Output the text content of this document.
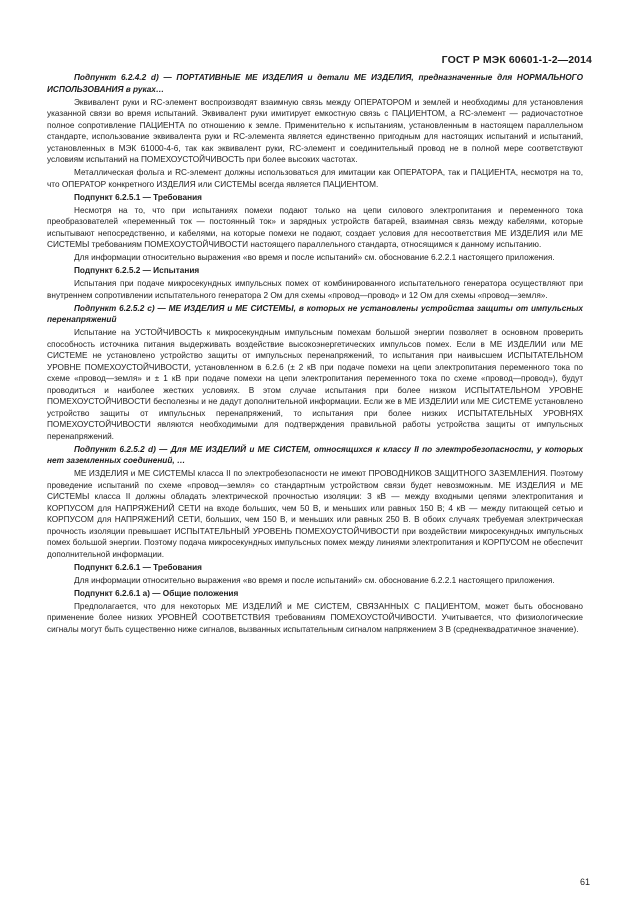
ГОСТ Р МЭК 60601-1-2—2014

Подпункт 6.2.4.2 d) — ПОРТАТИВНЫЕ МЕ ИЗДЕЛИЯ и детали МЕ ИЗДЕЛИЯ, предназначенные для НОРМАЛЬНОГО ИСПОЛЬЗОВАНИЯ в руках…

Эквивалент руки и RC-элемент воспроизводят взаимную связь между ОПЕРАТОРОМ и землей и необходимы для установления указанной связи во время испытаний. Эквивалент руки имитирует емкостную связь с ПАЦИЕНТОМ, а RC-элемент — радиочастотное полное сопротивление ПАЦИЕНТА по отношению к земле. Применительно к испытаниям, установленным в настоящем параллельном стандарте, использование эквивалента руки и RC-элемента является единственно пригодным для настоящих испытаний и испытаний, установленных в МЭК 61000-4-6, так как эквивалент руки, RC-элемент и соединительный провод не в полной мере соответствуют условиям испытаний на ПОМЕХОУСТОЙЧИВОСТЬ при более высоких частотах.

Металлическая фольга и RC-элемент должны использоваться для имитации как ОПЕРАТОРА, так и ПАЦИЕНТА, несмотря на то, что ОПЕРАТОР конкретного ИЗДЕЛИЯ или СИСТЕМЫ всегда является ПАЦИЕНТОМ.

Подпункт 6.2.5.1 — Требования

Несмотря на то, что при испытаниях помехи подают только на цепи силового электропитания и переменного тока преобразователей «переменный ток — постоянный ток» и зарядных устройств батарей, взаимная связь между кабелями, которые испытывают непосредственно, и кабелями, на которые помехи не подают, создает условия для несоответствия МЕ ИЗДЕЛИЯ или МЕ СИСТЕМЫ требованиям ПОМЕХОУСТОЙЧИВОСТИ настоящего параллельного стандарта, относящимся к данному испытанию.

Для информации относительно выражения «во время и после испытаний» см. обоснование 6.2.2.1 настоящего приложения.

Подпункт 6.2.5.2 — Испытания

Испытания при подаче микросекундных импульсных помех от комбинированного испытательного генератора осуществляют при внутреннем сопротивлении испытательного генератора 2 Ом для схемы «провод—провод» и 12 Ом для схемы «провод—земля».

Подпункт 6.2.5.2 c) — МЕ ИЗДЕЛИЯ и МЕ СИСТЕМЫ, в которых не установлены устройства защиты от импульсных перенапряжений

Испытание на УСТОЙЧИВОСТЬ к микросекундным импульсным помехам большой энергии позволяет в основном проверить способность источника питания выдерживать воздействие высокоэнергетических импульсов помех. Если в МЕ ИЗДЕЛИИ или МЕ СИСТЕМЕ не установлено устройство защиты от импульсных перенапряжений, то испытания при наивысшем ИСПЫТАТЕЛЬНОМ УРОВНЕ ПОМЕХОУСТОЙЧИВОСТИ, установленном в 6.2.6 (± 2 кВ при подаче помехи на цепи электропитания переменного тока по схеме «провод—земля» и ± 1 кВ при подаче помехи на цепи электропитания переменного тока по схеме «провод—провод»), будут проводиться и наиболее жестких условиях. В этом случае испытания при более низком ИСПЫТАТЕЛЬНОМ УРОВНЕ ПОМЕХОУСТОЙЧИВОСТИ бесполезны и не дадут дополнительной информации. Если же в МЕ ИЗДЕЛИИ или МЕ СИСТЕМЕ установлено устройство защиты от импульсных перенапряжений, то испытания при более низких ИСПЫТАТЕЛЬНЫХ УРОВНЯХ ПОМЕХОУСТОЙЧИВОСТИ являются необходимыми для подтверждения правильной работы устройства защиты от импульсных перенапряжений.

Подпункт 6.2.5.2 d) — Для МЕ ИЗДЕЛИЙ и МЕ СИСТЕМ, относящихся к классу II по электробезопасности, у которых нет заземленных соединений, …

МЕ ИЗДЕЛИЯ и МЕ СИСТЕМЫ класса II по электробезопасности не имеют ПРОВОДНИКОВ ЗАЩИТНОГО ЗАЗЕМЛЕНИЯ. Поэтому проведение испытаний по схеме «провод—земля» со стандартным устройством связи будет невозможным. МЕ ИЗДЕЛИЯ и МЕ СИСТЕМЫ класса II должны обладать электрической прочностью изоляции: 3 кВ — между входными цепями электропитания и КОРПУСОМ для НАПРЯЖЕНИЙ СЕТИ на входе больших, чем 50 В, и меньших или равных 150 В; 4 кВ — между питающей сетью и КОРПУСОМ для НАПРЯЖЕНИЙ СЕТИ, больших, чем 150 В, и меньших или равных 250 В. В обоих случаях требуемая электрическая прочность изоляции превышает ИСПЫТАТЕЛЬНЫЙ УРОВЕНЬ ПОМЕХОУСТОЙЧИВОСТИ при воздействии микросекундных импульсных помех большой энергии. Поэтому подача микросекундных импульсных помех между линиями электропитания и КОРПУСОМ не обеспечит дополнительной информации.

Подпункт 6.2.6.1 — Требования

Для информации относительно выражения «во время и после испытаний» см. обоснование 6.2.2.1 настоящего приложения.

Подпункт 6.2.6.1 a) — Общие положения

Предполагается, что для некоторых МЕ ИЗДЕЛИЙ и МЕ СИСТЕМ, СВЯЗАННЫХ С ПАЦИЕНТОМ, может быть обосновано применение более низких УРОВНЕЙ СООТВЕТСТВИЯ требованиям ПОМЕХОУСТОЙЧИВОСТИ. Учитывается, что физиологические сигналы могут быть существенно ниже сигналов, вызванных испытательным сигналом напряжением 3 В (среднеквадратичное значение).

61
